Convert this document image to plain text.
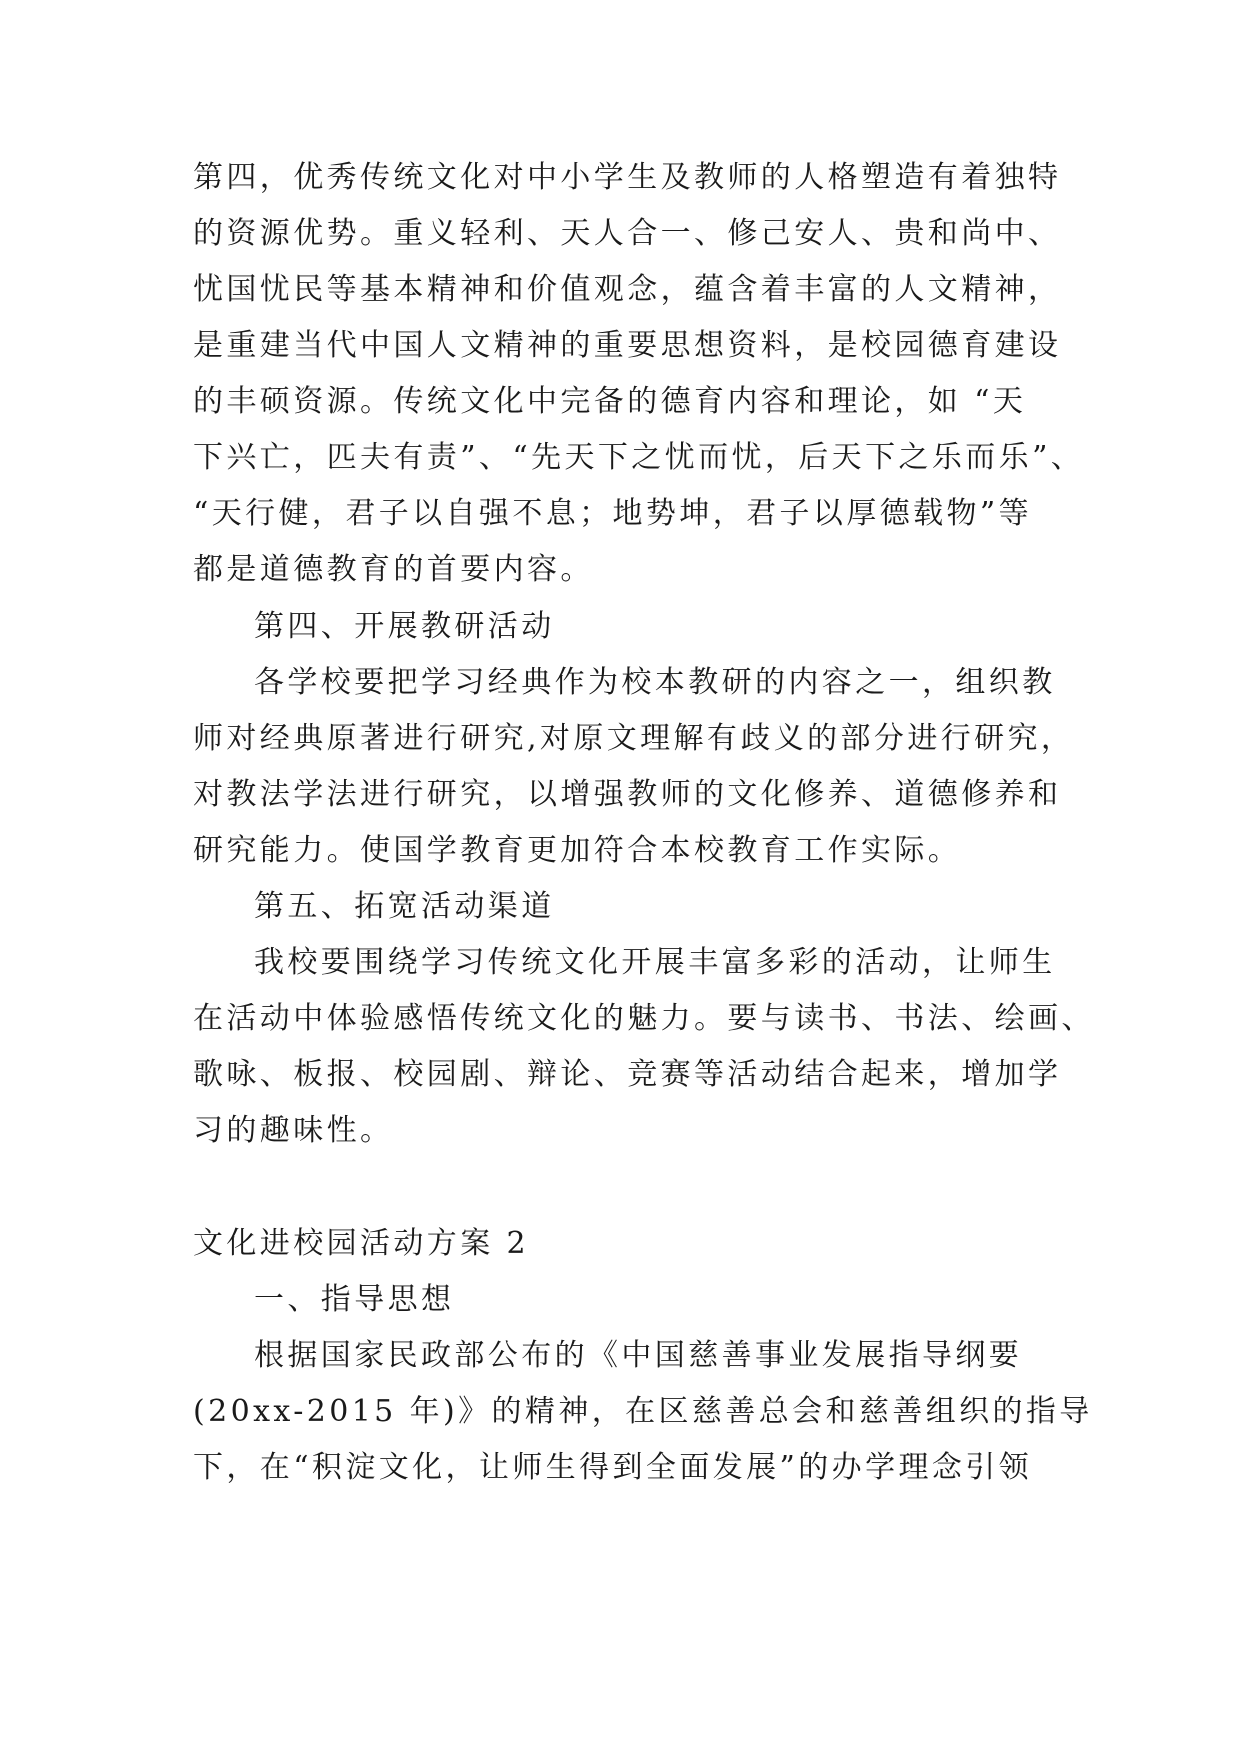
第四，优秀传统文化对中小学生及教师的人格塑造有着独特
的资源优势。重义轻利、天人合一、修己安人、贵和尚中、
忧国忧民等基本精神和价值观念，蕴含着丰富的人文精神，
是重建当代中国人文精神的重要思想资料，是校园德育建设
的丰硕资源。传统文化中完备的德育内容和理论，如 “天
下兴亡，匹夫有责”、“先天下之忧而忧，后天下之乐而乐”、
“天行健，君子以自强不息；地势坤，君子以厚德载物”等
都是道德教育的首要内容。
第四、开展教研活动
各学校要把学习经典作为校本教研的内容之一，组织教
师对经典原著进行研究,对原文理解有歧义的部分进行研究，
对教法学法进行研究，以增强教师的文化修养、道德修养和
研究能力。使国学教育更加符合本校教育工作实际。
第五、拓宽活动渠道
我校要围绕学习传统文化开展丰富多彩的活动，让师生
在活动中体验感悟传统文化的魅力。要与读书、书法、绘画、
歌咏、板报、校园剧、辩论、竞赛等活动结合起来，增加学
习的趣味性。
文化进校园活动方案 2
一、指导思想
根据国家民政部公布的《中国慈善事业发展指导纲要
(20xx-2015 年)》的精神，在区慈善总会和慈善组织的指导
下，在“积淀文化，让师生得到全面发展”的办学理念引领
